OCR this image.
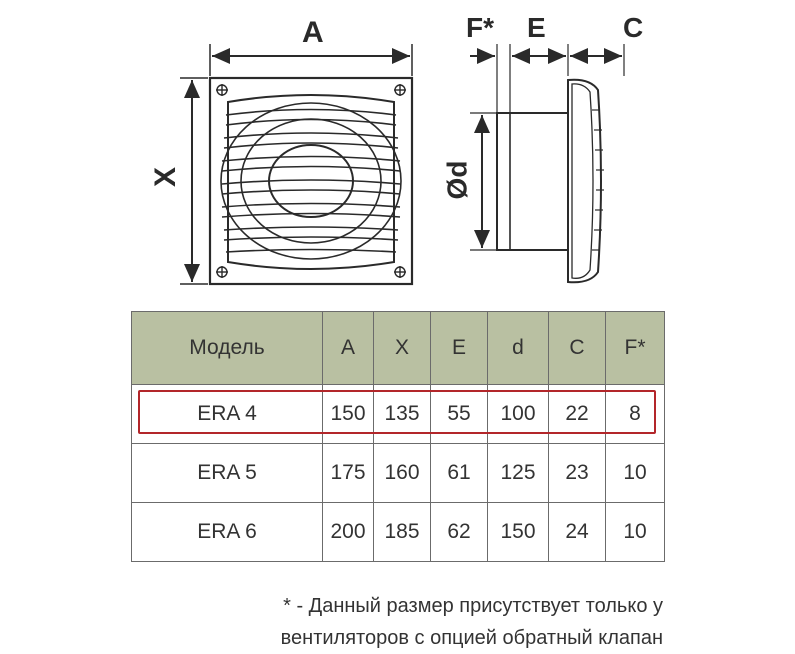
A
X
F* E	C
Ød
Модель	A	X	E	d	C	F*
ERA 4	150	135	55	100	22	8
ERA 5	175	160	61	125	23	10
ERA 6	200	185	62	150	24	10
* - Данный размер присутствует только у
вентиляторов с опцией обратный клапан
